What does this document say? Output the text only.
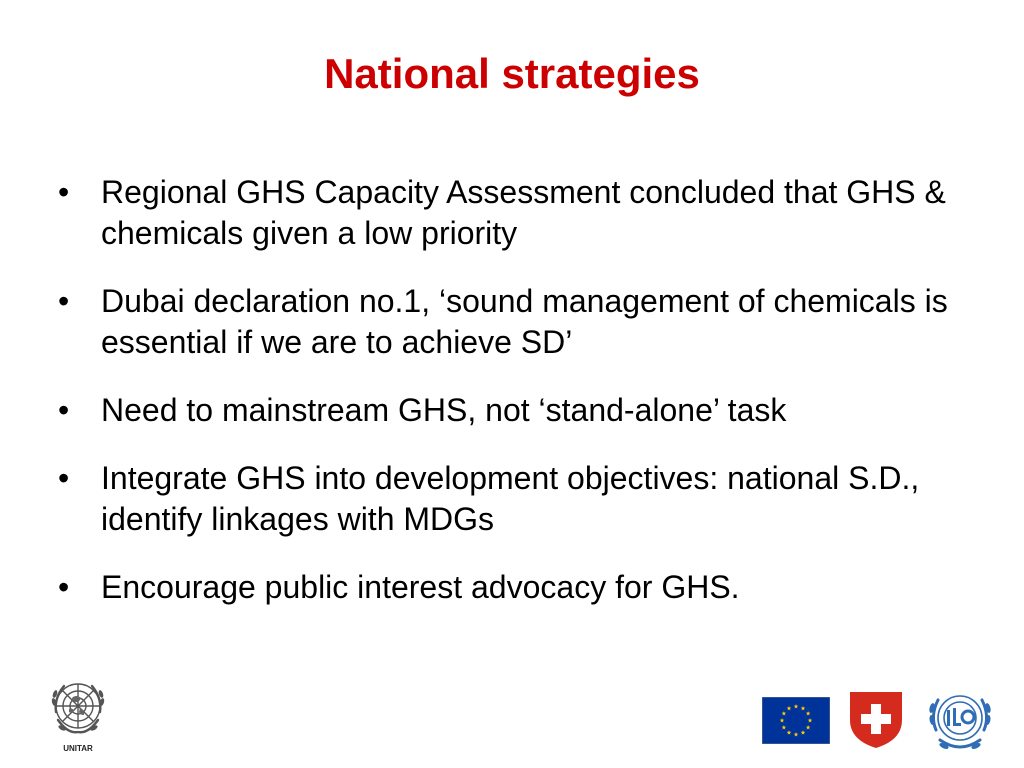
National strategies
• Regional GHS Capacity Assessment concluded that GHS & chemicals given a low priority
• Dubai declaration no.1, ‘sound management of chemicals is essential if we are to achieve SD’
• Need to mainstream GHS, not ‘stand-alone’ task
• Integrate GHS into development objectives: national S.D., identify linkages with MDGs
• Encourage public interest advocacy for GHS.
UNITAR
